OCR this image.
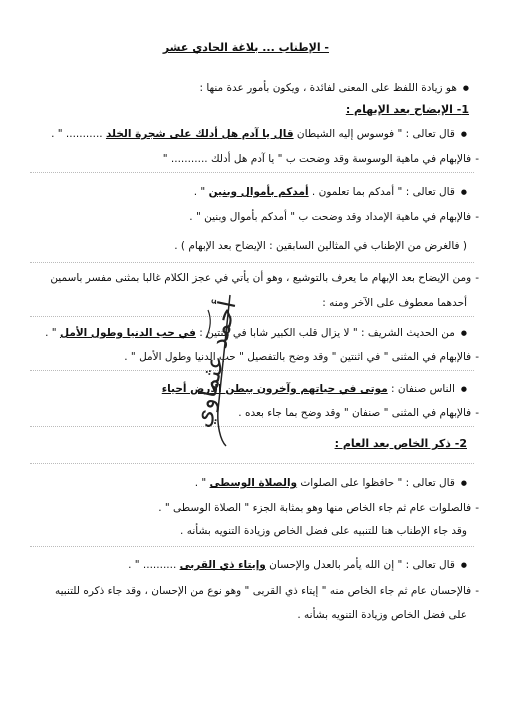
- الإطناب ... بلاغة الحادي عشر
● هو زيادة اللفظ على المعنى لفائدة ، ويكون بأمور عدة منها :
1- الإيضاح بعد الإبهام :
● قال تعالى : " فوسوس إليه الشيطان قال يا آدم هل أدلك على شجرة الخلد ........... " .
- فالإبهام في ماهية الوسوسة وقد وضحت ب " يا آدم هل أدلك ........... "
● قال تعالى : " أمدكم بما تعلمون . أمدكم بأموال وبنين " .
- فالإبهام في ماهية الإمداد وقد وضحت ب " أمدكم بأموال وبنين " .
( فالغرض من الإطناب في المثالين السابقين : الإيضاح بعد الإبهام ) .
- ومن الإيضاح بعد الإبهام ما يعرف بالتوشيع ، وهو أن يأتي في عجز الكلام غالبا بمثنى مفسر باسمين
أحدهما معطوف على الآخر ومنه :
● من الحديث الشريف : " لا يزال قلب الكبير شابا في اثنتين : في حب الدنيا وطول الأمل " .
- فالإبهام في المثنى " في اثنتين " وقد وضح بالتفصيل " حب الدنيا وطول الأمل " .
● الناس صنفان : موتى في حياتهم وآخرون ببطن الأرض أحياء
- فالإبهام في المثنى " صنفان " وقد وضح بما جاء بعده .
2- ذكر الخاص بعد العام :
● قال تعالى : " حافظوا على الصلوات والصلاة الوسطى " .
- فالصلوات عام ثم جاء الخاص منها وهو بمثابة الجزء " الصلاة الوسطى " .
وقد جاء الإطناب هنا للتنبيه على فضل الخاص وزيادة التنويه بشأنه .
● قال تعالى : " إن الله يأمر بالعدل والإحسان وإيتاء ذي القربى .......... " .
- فالإحسان عام ثم جاء الخاص منه " إيتاء ذي القربى " وهو نوع من الإحسان ، وقد جاء ذكره للتنبيه
على فضل الخاص وزيادة التنويه بشأنه .
أحمد عثماوي
